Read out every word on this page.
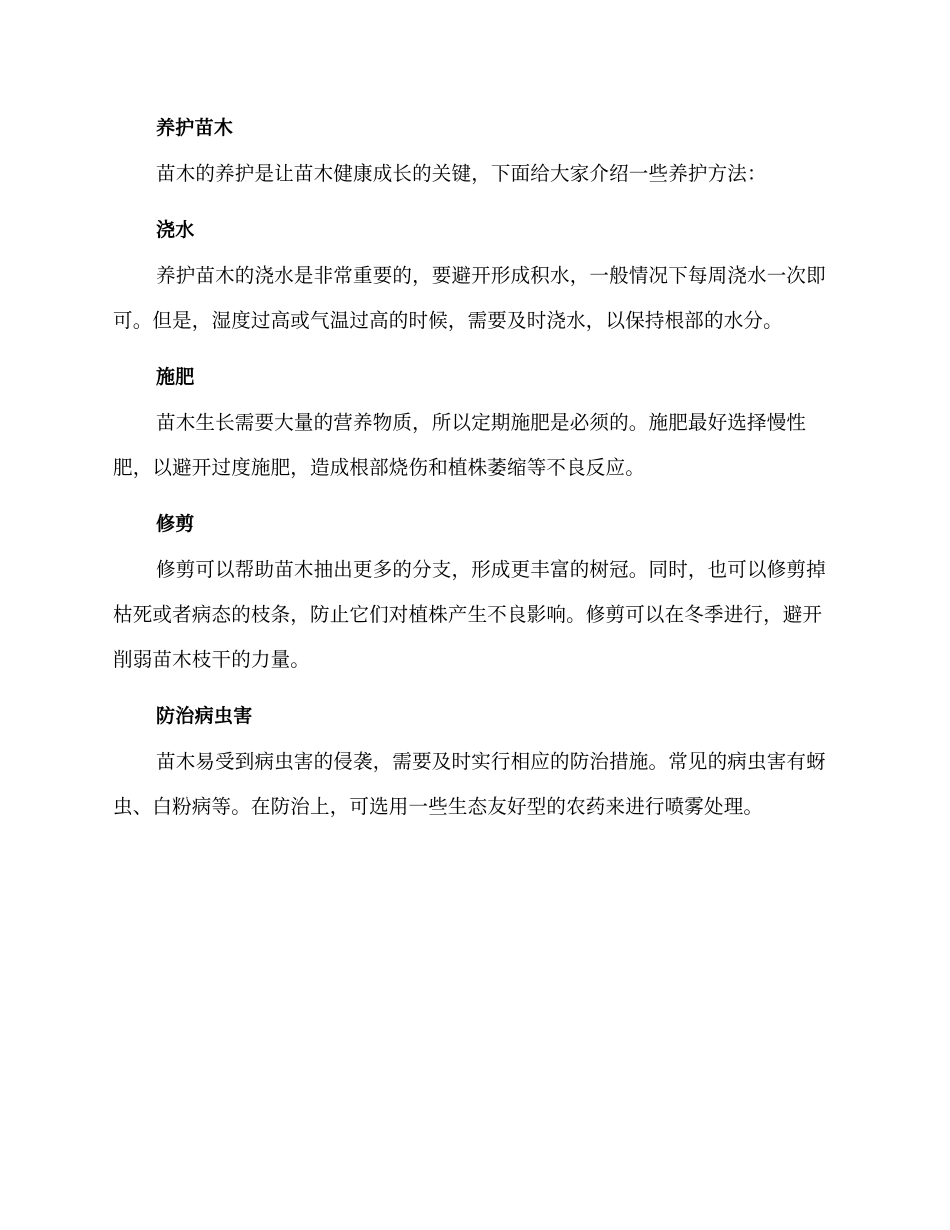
养护苗木

苗木的养护是让苗木健康成长的关键，下面给大家介绍一些养护方法：

浇水

养护苗木的浇水是非常重要的，要避开形成积水，一般情况下每周浇水一次即可。但是，湿度过高或气温过高的时候，需要及时浇水，以保持根部的水分。

施肥

苗木生长需要大量的营养物质，所以定期施肥是必须的。施肥最好选择慢性肥，以避开过度施肥，造成根部烧伤和植株萎缩等不良反应。

修剪

修剪可以帮助苗木抽出更多的分支，形成更丰富的树冠。同时，也可以修剪掉枯死或者病态的枝条，防止它们对植株产生不良影响。修剪可以在冬季进行，避开削弱苗木枝干的力量。

防治病虫害

苗木易受到病虫害的侵袭，需要及时实行相应的防治措施。常见的病虫害有蚜虫、白粉病等。在防治上，可选用一些生态友好型的农药来进行喷雾处理。
